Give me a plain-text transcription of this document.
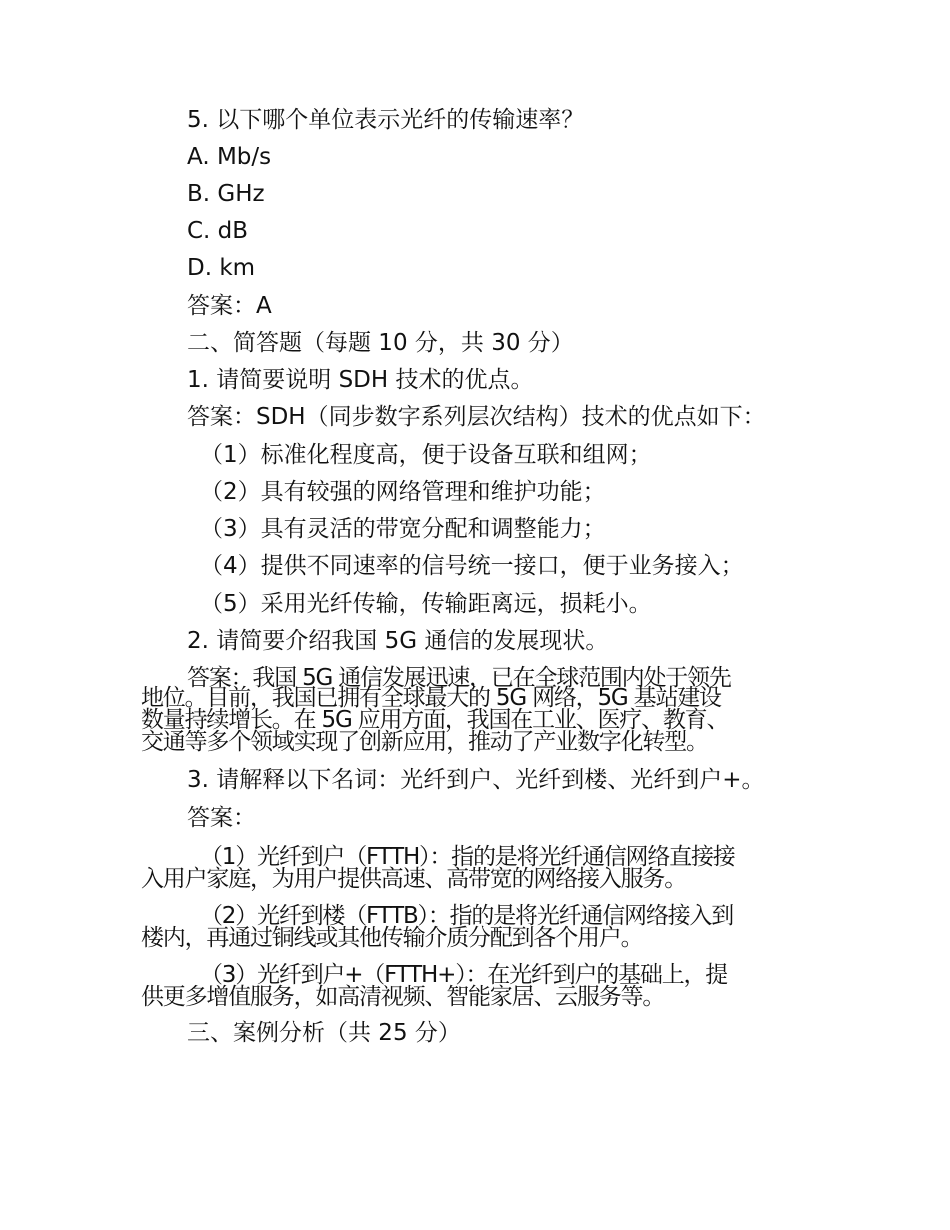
5. 以下哪个单位表示光纤的传输速率？

A. Mb/s

B. GHz

C. dB

D. km

答案：A

二、简答题（每题 10 分，共 30 分）

1. 请简要说明 SDH 技术的优点。

答案：SDH（同步数字系列层次结构）技术的优点如下：

（1）标准化程度高，便于设备互联和组网；

（2）具有较强的网络管理和维护功能；

（3）具有灵活的带宽分配和调整能力；

（4）提供不同速率的信号统一接口，便于业务接入；

（5）采用光纤传输，传输距离远，损耗小。

2. 请简要介绍我国 5G 通信的发展现状。

答案：我国 5G 通信发展迅速，已在全球范围内处于领先

地位。目前，我国已拥有全球最大的 5G 网络，5G 基站建设

数量持续增长。在 5G 应用方面，我国在工业、医疗、教育、

交通等多个领域实现了创新应用，推动了产业数字化转型。

3. 请解释以下名词：光纤到户、光纤到楼、光纤到户+。

答案：

（1）光纤到户（FTTH）：指的是将光纤通信网络直接接

入用户家庭，为用户提供高速、高带宽的网络接入服务。

（2）光纤到楼（FTTB）：指的是将光纤通信网络接入到

楼内，再通过铜线或其他传输介质分配到各个用户。

（3）光纤到户+（FTTH+）：在光纤到户的基础上，提

供更多增值服务，如高清视频、智能家居、云服务等。

三、案例分析（共 25 分）
